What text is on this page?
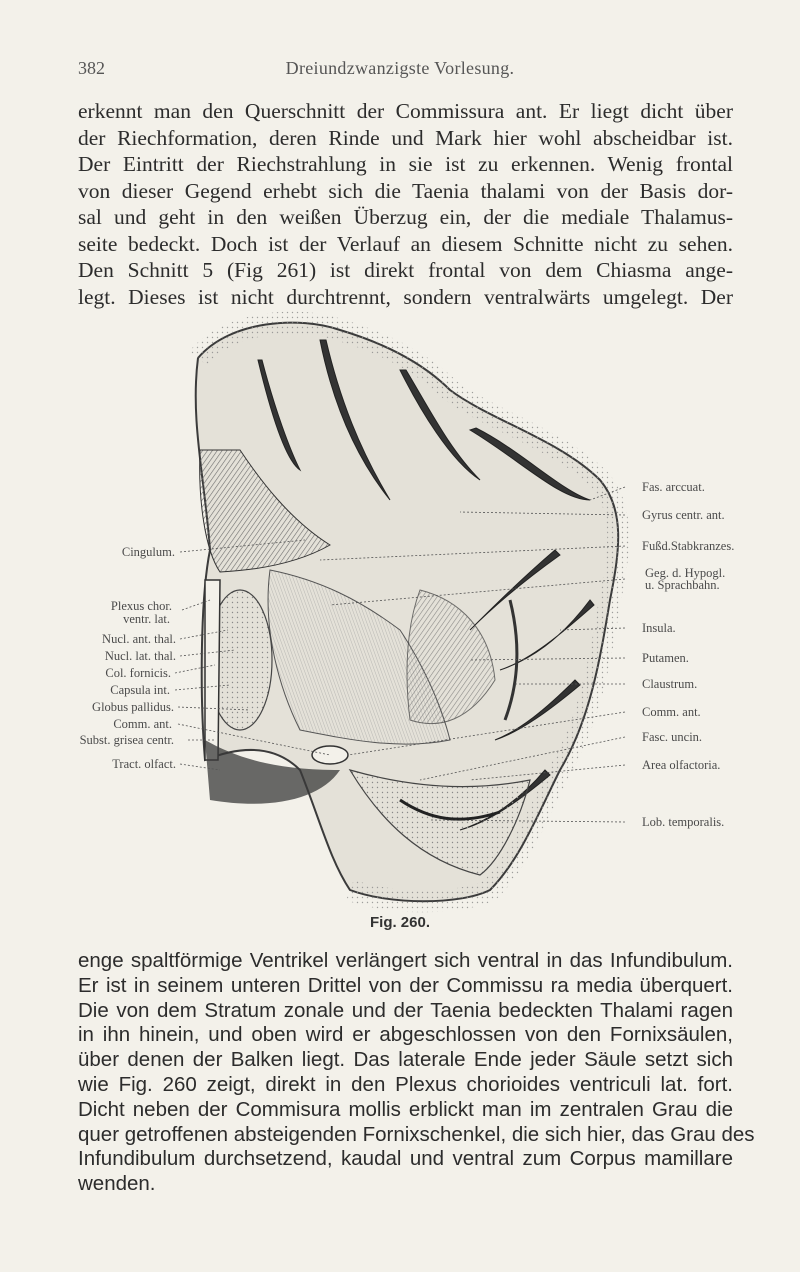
382	Dreiundzwanzigste Vorlesung.
erkennt man den Querschnitt der Commissura ant. Er liegt dicht über
der Riechformation, deren Rinde und Mark hier wohl abscheidbar ist.
Der Eintritt der Riechstrahlung in sie ist zu erkennen. Wenig frontal
von dieser Gegend erhebt sich die Taenia thalami von der Basis dor-
sal und geht in den weißen Überzug ein, der die mediale Thalamus-
seite bedeckt. Doch ist der Verlauf an diesem Schnitte nicht zu sehen.
Den Schnitt 5 (Fig 261) ist direkt frontal von dem Chiasma ange-
legt. Dieses ist nicht durchtrennt, sondern ventralwärts umgelegt. Der
Cingulum.
Plexus chor.
ventr. lat.
Nucl. ant. thal.
Nucl. lat. thal.
Col. fornicis.
Capsula int.
Globus pallidus.
Comm. ant.
Subst. grisea centr.
Tract. olfact.
Fas. arccuat.
Gyrus centr. ant.
Fußd.Stabkranzes.
Geg. d. Hypogl.
u. Sprachbahn.
Insula.
Putamen.
Claustrum.
Comm. ant.
Fasc. uncin.
Area olfactoria.
Lob. temporalis.
Fig. 260.
enge spaltförmige Ventrikel verlängert sich ventral in das Infundibulum.
Er ist in seinem unteren Drittel von der Commissu ra media überquert.
Die von dem Stratum zonale und der Taenia bedeckten Thalami ragen
in ihn hinein, und oben wird er abgeschlossen von den Fornixsäulen,
über denen der Balken liegt. Das laterale Ende jeder Säule setzt sich
wie Fig. 260 zeigt, direkt in den Plexus chorioides ventriculi lat. fort.
Dicht neben der Commisura mollis erblickt man im zentralen Grau die
quer getroffenen absteigenden Fornixschenkel, die sich hier, das Grau des
Infundibulum durchsetzend, kaudal und ventral zum Corpus mamillare
wenden.
